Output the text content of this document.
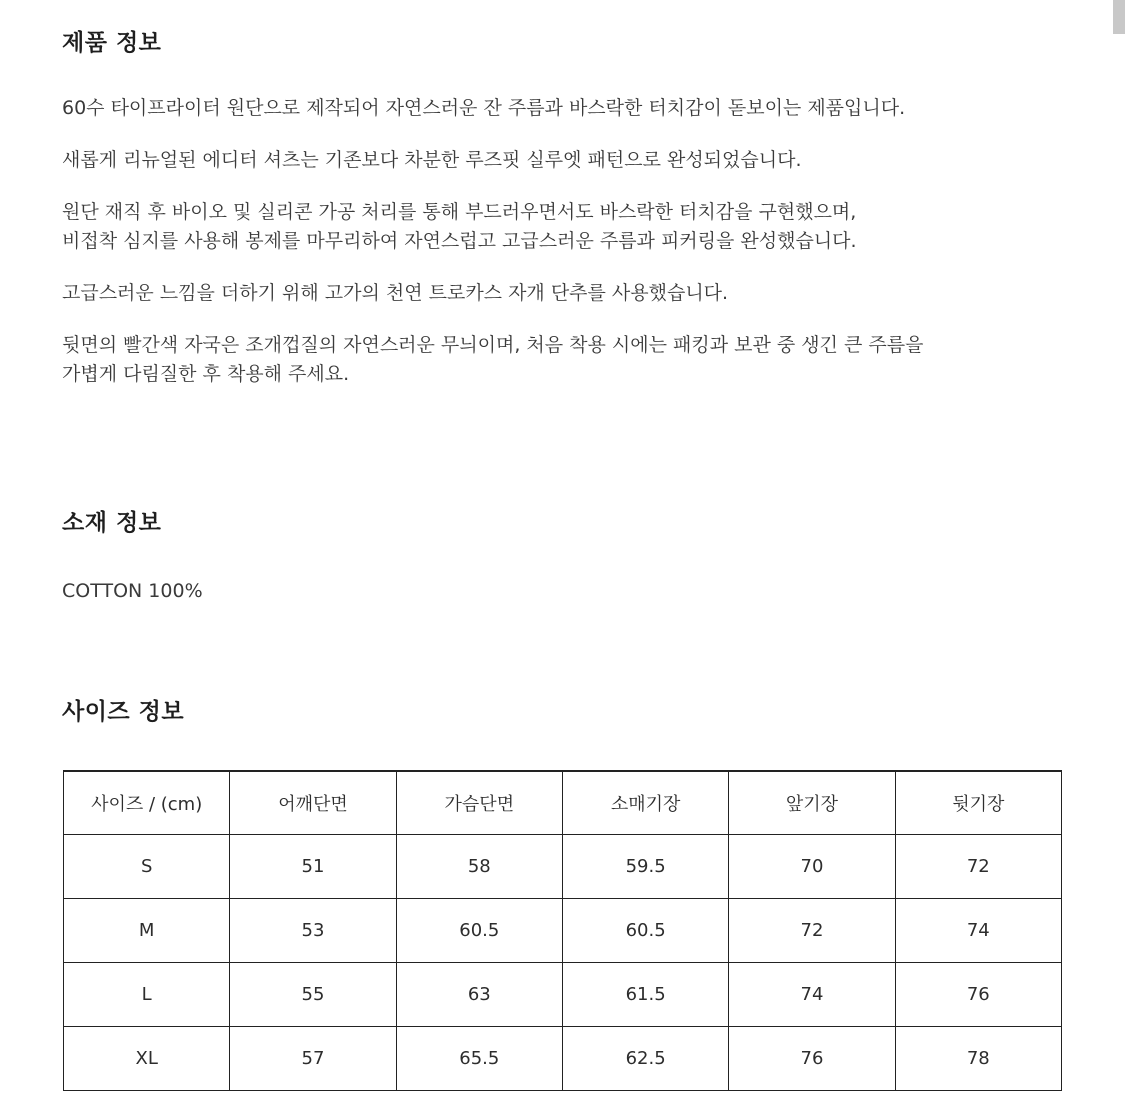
제품 정보

60수 타이프라이터 원단으로 제작되어 자연스러운 잔 주름과 바스락한 터치감이 돋보이는 제품입니다.

새롭게 리뉴얼된 에디터 셔츠는 기존보다 차분한 루즈핏 실루엣 패턴으로 완성되었습니다.

원단 재직 후 바이오 및 실리콘 가공 처리를 통해 부드러우면서도 바스락한 터치감을 구현했으며,
비접착 심지를 사용해 봉제를 마무리하여 자연스럽고 고급스러운 주름과 피커링을 완성했습니다.

고급스러운 느낌을 더하기 위해 고가의 천연 트로카스 자개 단추를 사용했습니다.

뒷면의 빨간색 자국은 조개껍질의 자연스러운 무늬이며, 처음 착용 시에는 패킹과 보관 중 생긴 큰 주름을
가볍게 다림질한 후 착용해 주세요.

소재 정보

COTTON 100%

사이즈 정보
사이즈 / (cm)	어깨단면	가슴단면	소매기장	앞기장	뒷기장
S	51	58	59.5	70	72
M	53	60.5	60.5	72	74
L	55	63	61.5	74	76
XL	57	65.5	62.5	76	78
